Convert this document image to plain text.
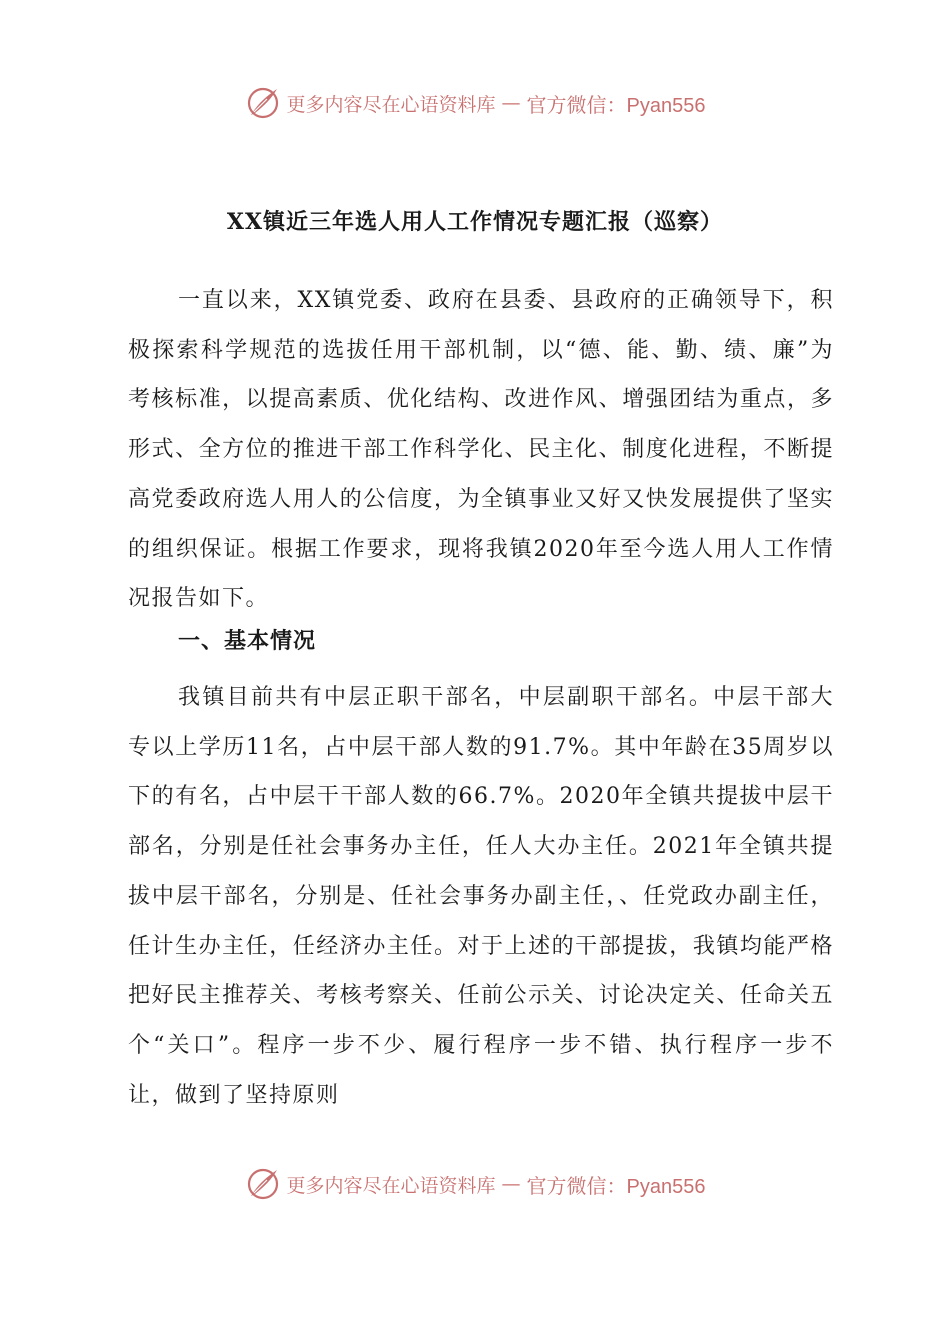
更多内容尽在心语资料库 — 官方微信：Pyan556
XX镇近三年选人用人工作情况专题汇报（巡察）

一直以来，XX镇党委、政府在县委、县政府的正确领导下，积极探索科学规范的选拔任用干部机制，以“德、能、勤、绩、廉”为考核标准，以提高素质、优化结构、改进作风、增强团结为重点，多形式、全方位的推进干部工作科学化、民主化、制度化进程，不断提高党委政府选人用人的公信度，为全镇事业又好又快发展提供了坚实的组织保证。根据工作要求，现将我镇2020年至今选人用人工作情况报告如下。

一、基本情况

我镇目前共有中层正职干部名，中层副职干部名。中层干部大专以上学历11名，占中层干部人数的91.7%。其中年龄在35周岁以下的有名，占中层干干部人数的66.7%。2020年全镇共提拔中层干部名，分别是任社会事务办主任，任人大办主任。2021年全镇共提拔中层干部名，分别是、任社会事务办副主任，、任党政办副主任，任计生办主任，任经济办主任。对于上述的干部提拔，我镇均能严格把好民主推荐关、考核考察关、任前公示关、讨论决定关、任命关五个“关口”。程序一步不少、履行程序一步不错、执行程序一步不让，做到了坚持原则

更多内容尽在心语资料库 — 官方微信：Pyan556
